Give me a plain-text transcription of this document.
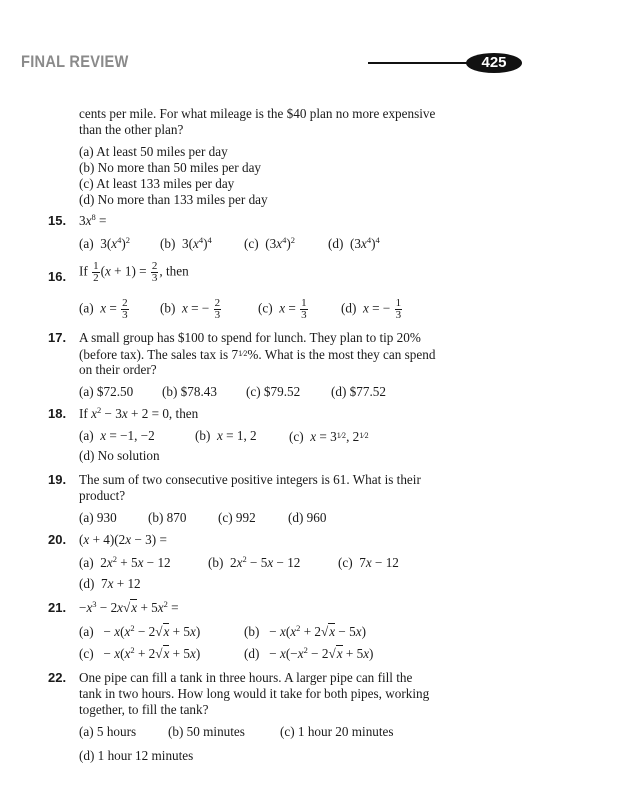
FINAL REVIEW	425
cents per mile. For what mileage is the $40 plan no more expensive
than the other plan?
(a) At least 50 miles per day
(b) No more than 50 miles per day
(c) At least 133 miles per day
(d) No more than 133 miles per day
15. $3x^8$ =
(a)  $3(x^4)^2$ (b)  $3(x^4)^4$ (c)  $(3x^4)^2$	(d)  $(3x^4)^4$
16. If $\frac{1}{2} (x + 1) = \frac{2}{3}$ , then
(a)  $x = \frac{2}{3} (b) x$ = − $\frac{2}{3}$	(c)  $x = \frac{1}{3}$	(d)  x = − $\frac{1}{3}$
17. A small group has $100 to spend for lunch. They plan to tip 20%
(before tax). The sales tax is $7^{1⁄2}\%$. What is the most they can spend
on their order?
(a) $72.50 (b) $78.43 (c) $79.52 (d) $77.52
18. If $x^2 - 3x + 2 = 0$, then
(a)  x = −1, −2	(b)  x = 1, 2 (c)  $x = 3^{1⁄2}$, $2^{1⁄2}$
(d) No solution
19. The sum of two consecutive positive integers is 61. What is their
product?
(a) 930 (b) 870 (c) 992 (d) 960
20. (x + 4)(2x − 3) =
(a)  $2x^2 + 5x - 12$	(b)  $2x^2 - 5x - 12$	(c)  7x − 12
(d)  7x + 12
21. $-x^3 - 2x√x + 5x^2$ =
$(a) - x(x^2 - 2√x + 5x)$	$(b) - x(x^2 + 2√x - 5x)$
$(c) - x(x^2 + 2√x + 5x)$	$(d) - x(-x^2 - 2√x + 5x)$
22. One pipe can fill a tank in three hours. A larger pipe can fill the
tank in two hours. How long would it take for both pipes, working
together, to fill the tank?
(a) 5 hours (b) 50 minutes	(c) 1 hour 20 minutes
(d) 1 hour 12 minutes
